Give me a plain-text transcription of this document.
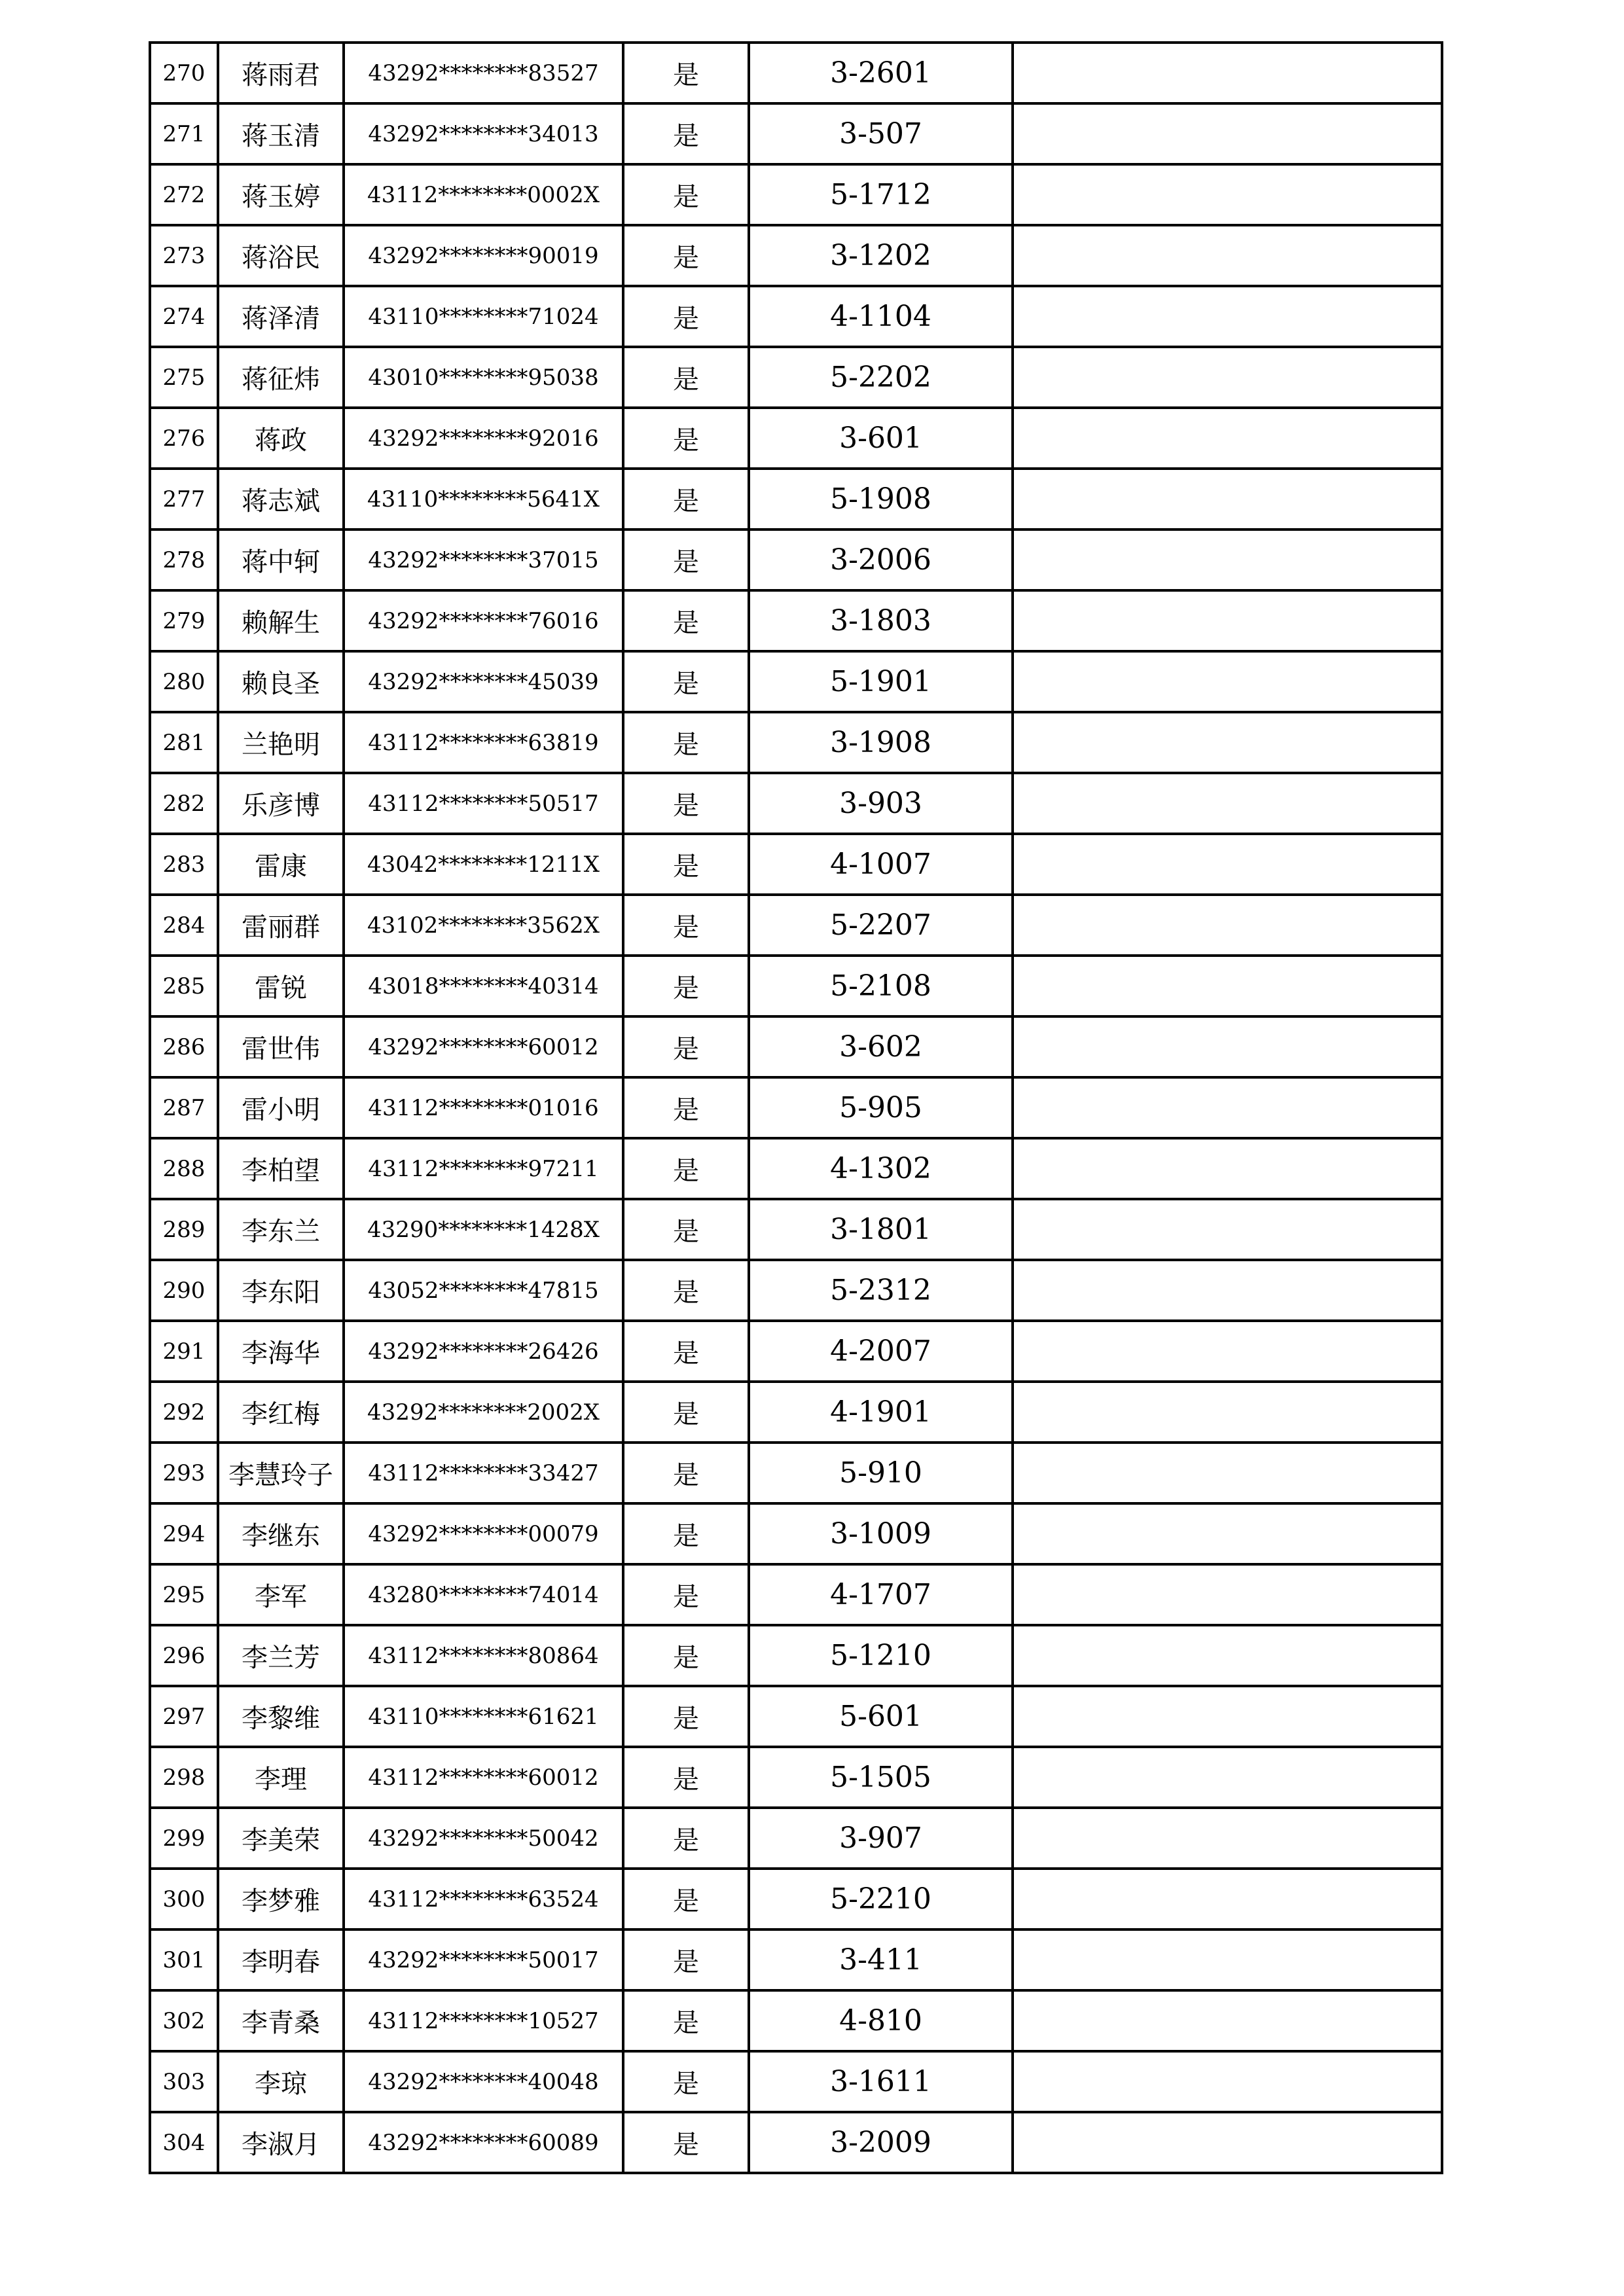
270	蒋雨君	43292********83527	是	3-2601	
271	蒋玉清	43292********34013	是	3-507	
272	蒋玉婷	43112********0002X	是	5-1712	
273	蒋浴民	43292********90019	是	3-1202	
274	蒋泽清	43110********71024	是	4-1104	
275	蒋征炜	43010********95038	是	5-2202	
276	蒋政	43292********92016	是	3-601	
277	蒋志斌	43110********5641X	是	5-1908	
278	蒋中轲	43292********37015	是	3-2006	
279	赖解生	43292********76016	是	3-1803	
280	赖良圣	43292********45039	是	5-1901	
281	兰艳明	43112********63819	是	3-1908	
282	乐彦博	43112********50517	是	3-903	
283	雷康	43042********1211X	是	4-1007	
284	雷丽群	43102********3562X	是	5-2207	
285	雷锐	43018********40314	是	5-2108	
286	雷世伟	43292********60012	是	3-602	
287	雷小明	43112********01016	是	5-905	
288	李柏望	43112********97211	是	4-1302	
289	李东兰	43290********1428X	是	3-1801	
290	李东阳	43052********47815	是	5-2312	
291	李海华	43292********26426	是	4-2007	
292	李红梅	43292********2002X	是	4-1901	
293	李慧玲子	43112********33427	是	5-910	
294	李继东	43292********00079	是	3-1009	
295	李军	43280********74014	是	4-1707	
296	李兰芳	43112********80864	是	5-1210	
297	李黎维	43110********61621	是	5-601	
298	李理	43112********60012	是	5-1505	
299	李美荣	43292********50042	是	3-907	
300	李梦雅	43112********63524	是	5-2210	
301	李明春	43292********50017	是	3-411	
302	李青桑	43112********10527	是	4-810	
303	李琼	43292********40048	是	3-1611	
304	李淑月	43292********60089	是	3-2009	
